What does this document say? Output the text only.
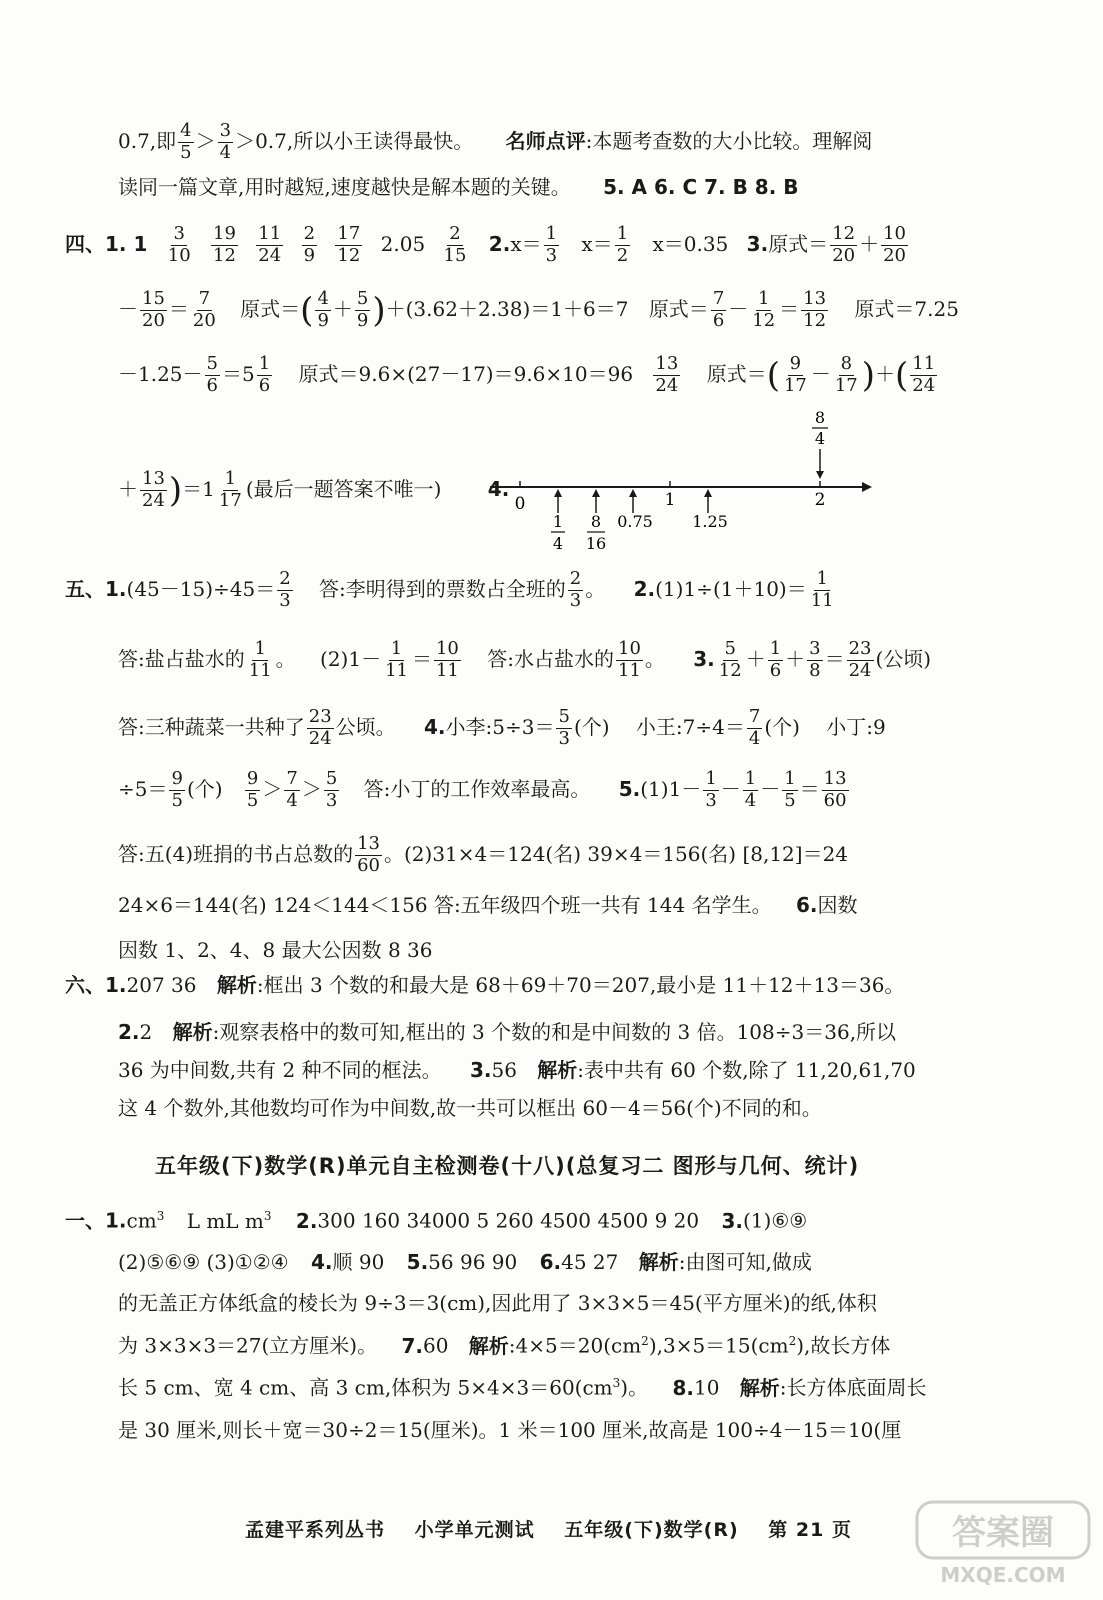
0.7,即 $\frac{4}{5} > \frac{3}{4} >0.7$,所以小王读得最快。 名师点评:本题考查数的大小比较。理解阅
读同一篇文章,用时越短,速度越快是解本题的关键。 5. A 6. C 7. B 8. B
四、1. $1 \frac{3}{10}$
$\frac{19}{12}$
$\frac{11}{24}$
$\frac{2}{9}$
$\frac{17}{12} 2.05 \frac{2}{15} 2.x= \frac{1}{3} x= \frac{1}{2} x=0.35$ 3.原式＝ $\frac{12}{20} + \frac{10}{20}$
－ $\frac{15}{20} = \frac{7}{20}$ 原式＝( $\frac{4}{9} + \frac{5}{9} )+(3.62+2.38)=1+6=7$ 原式＝ $\frac{7}{6} - \frac{1}{12} = \frac{13}{12}$ 原式＝7.25
$-1.25- \frac{5}{6} =5 \frac{1}{6}$ 原式$=9.6\times(27-17)=9.6\times 10=96 \frac{13}{24}$ 原式＝( $\frac{9}{17} - \frac{8}{17}$ )＋( $\frac{11}{24}$
＋ $\frac{13}{24} )=1 \frac{1}{17}$ (最后一题答案不唯一) 4.
0	1	2
8
4
1
4
8
16
0.75 1.25
五、$1.(45-15)\div 45= \frac{2}{3}$ 答:李明得到的票数占全班的 $\frac{2}{3}$ 。 $2.(1)1\div(1+10)= \frac{1}{11}$
答:盐占盐水的 $\frac{1}{11}$ 。 $(2)1- \frac{1}{11} = \frac{10}{11}$ 答:水占盐水的 $\frac{10}{11}$ 。 3. $\frac{5}{12} + \frac{1}{6} + \frac{3}{8} = \frac{23}{24}$ (公顷)
答:三种蔬菜一共种了 $\frac{23}{24}$ 公顷。 4.小李:5÷3＝ $\frac{5}{3}$ (个) 小王:7÷4＝ $\frac{7}{4}$ (个) 小丁:9
$\div 5= \frac{9}{5}$ (个) $\frac{9}{5} > \frac{7}{4} > \frac{5}{3}$ 答:小丁的工作效率最高。 $5.(1)1- \frac{1}{3} - \frac{1}{4} - \frac{1}{5} = \frac{13}{60}$
答:五(4)班捐的书占总数的 $\frac{13}{60}$ 。(2)31×4＝124(名) 39×4＝156(名) [8,12]＝24
24×6＝144(名) 124＜144＜156 答:五年级四个班一共有 144 名学生。 6.因数
因数 1、2、4、8 最大公因数 8 36
六、1.207 36 解析:框出 3 个数的和最大是 68＋69＋70＝207,最小是 11＋12＋13＝36。
2.2 解析:观察表格中的数可知,框出的 3 个数的和是中间数的 3 倍。108÷3＝36,所以
36 为中间数,共有 2 种不同的框法。 3.56 解析:表中共有 60 个数,除了 11,20,61,70
这 4 个数外,其他数均可作为中间数,故一共可以框出 60－4＝56(个)不同的和。
五年级(下)数学(R)单元自主检测卷(十八)(总复习二 图形与几何、统计)
一、$1.cm^3$ L mL $m^3$ 2.300 160 34000 5 260 4500 4500 9 20 3.(1)⑥⑨
(2)⑤⑥⑨ (3)①②④ 4.顺 90 5.56 96 90 6.45 27 解析:由图可知,做成
的无盖正方体纸盒的棱长为 9÷3＝3(cm),因此用了 3×3×5＝45(平方厘米)的纸,体积
为 3×3×3＝27(立方厘米)。 7.60 解析$:4\times 5=20(cm^2),3\times 5=15(cm^2)$,故长方体
长 5 cm、宽 4 cm、高 3 cm,体积为 $5\times 4\times 3=60(cm^3)$。 8.10 解析:长方体底面周长
是 30 厘米,则长＋宽＝30÷2＝15(厘米)。1 米＝100 厘米,故高是 100÷4－15＝10(厘
孟建平系列丛书 小学单元测试 五年级(下)数学(R) 第 21 页	答案圈
MXQE.COM
